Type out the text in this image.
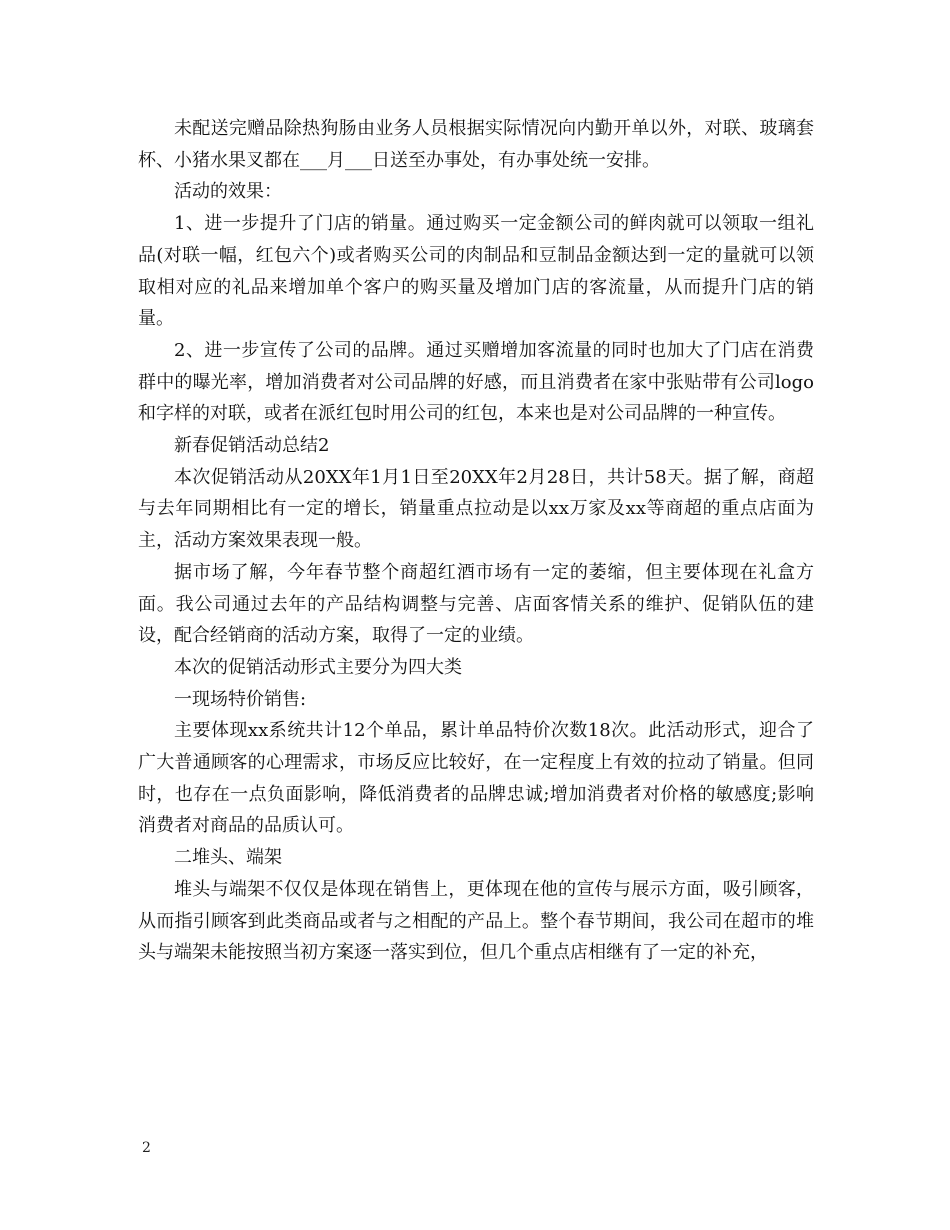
未配送完赠品除热狗肠由业务人员根据实际情况向内勤开单以外，对联、玻璃套杯、小猪水果叉都在___月___日送至办事处，有办事处统一安排。

活动的效果：

1、进一步提升了门店的销量。通过购买一定金额公司的鲜肉就可以领取一组礼品(对联一幅，红包六个)或者购买公司的肉制品和豆制品金额达到一定的量就可以领取相对应的礼品来增加单个客户的购买量及增加门店的客流量，从而提升门店的销量。

2、进一步宣传了公司的品牌。通过买赠增加客流量的同时也加大了门店在消费群中的曝光率，增加消费者对公司品牌的好感，而且消费者在家中张贴带有公司logo和字样的对联，或者在派红包时用公司的红包，本来也是对公司品牌的一种宣传。

新春促销活动总结2

本次促销活动从20XX年1月1日至20XX年2月28日，共计58天。据了解，商超与去年同期相比有一定的增长，销量重点拉动是以xx万家及xx等商超的重点店面为主，活动方案效果表现一般。

据市场了解，今年春节整个商超红酒市场有一定的萎缩，但主要体现在礼盒方面。我公司通过去年的产品结构调整与完善、店面客情关系的维护、促销队伍的建设，配合经销商的活动方案，取得了一定的业绩。

本次的促销活动形式主要分为四大类

一现场特价销售:

主要体现xx系统共计12个单品，累计单品特价次数18次。此活动形式，迎合了广大普通顾客的心理需求，市场反应比较好，在一定程度上有效的拉动了销量。但同时，也存在一点负面影响，降低消费者的品牌忠诚;增加消费者对价格的敏感度;影响消费者对商品的品质认可。

二堆头、端架

堆头与端架不仅仅是体现在销售上，更体现在他的宣传与展示方面，吸引顾客，从而指引顾客到此类商品或者与之相配的产品上。整个春节期间，我公司在超市的堆头与端架未能按照当初方案逐一落实到位，但几个重点店相继有了一定的补充，

2
